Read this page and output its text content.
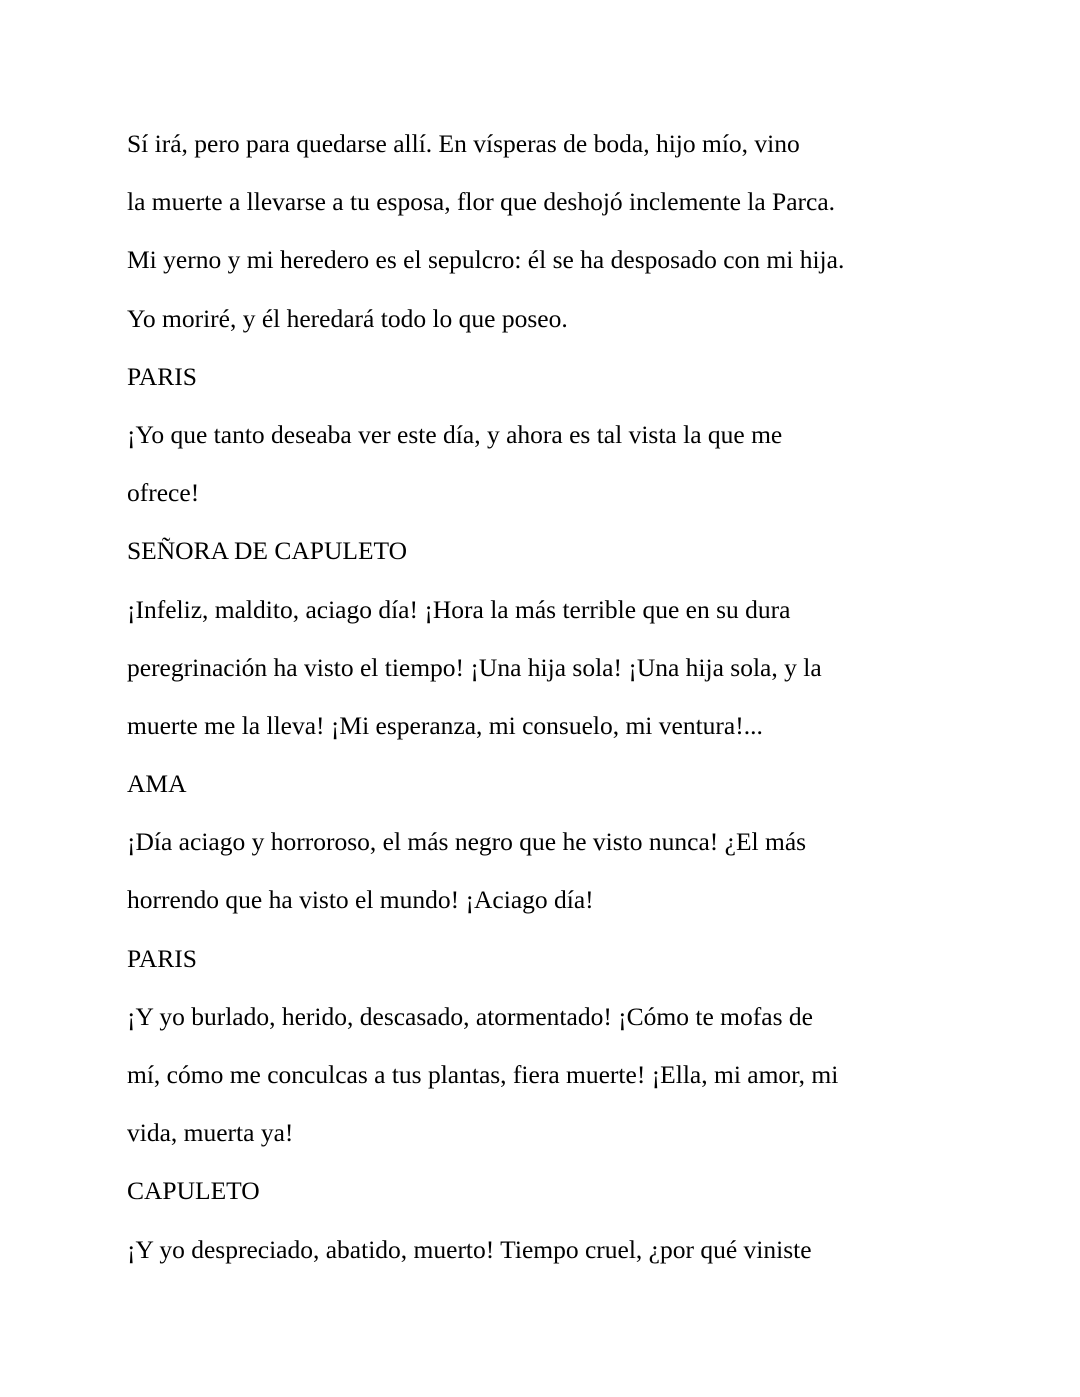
Sí irá, pero para quedarse allí. En vísperas de boda, hijo mío, vino
la muerte a llevarse a tu esposa, flor que deshojó inclemente la Parca.
Mi yerno y mi heredero es el sepulcro: él se ha desposado con mi hija.
Yo moriré, y él heredará todo lo que poseo.
PARIS
¡Yo que tanto deseaba ver este día, y ahora es tal vista la que me
ofrece!
SEÑORA DE CAPULETO
¡Infeliz, maldito, aciago día! ¡Hora la más terrible que en su dura
peregrinación ha visto el tiempo! ¡Una hija sola! ¡Una hija sola, y la
muerte me la lleva! ¡Mi esperanza, mi consuelo, mi ventura!...
AMA
¡Día aciago y horroroso, el más negro que he visto nunca! ¿El más
horrendo que ha visto el mundo! ¡Aciago día!
PARIS
¡Y yo burlado, herido, descasado, atormentado! ¡Cómo te mofas de
mí, cómo me conculcas a tus plantas, fiera muerte! ¡Ella, mi amor, mi
vida, muerta ya!
CAPULETO
¡Y yo despreciado, abatido, muerto! Tiempo cruel, ¿por qué viniste
